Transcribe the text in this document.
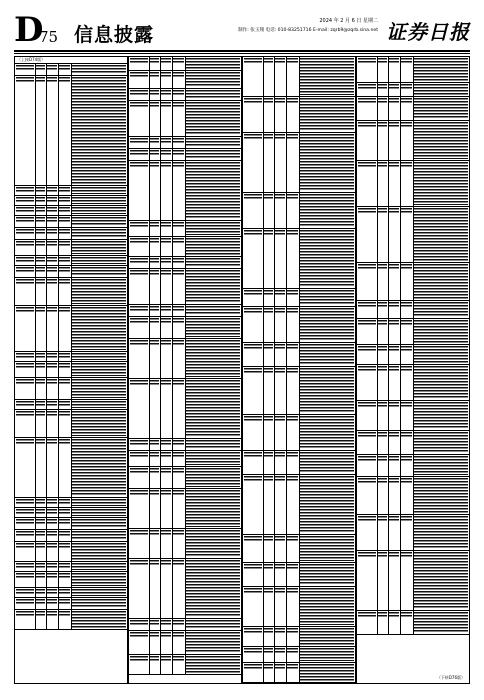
D
75 信息披露
2024 年 2 月 6 日 星期二
制作: 张玉翔 电话: 010-83251716 E-mail: zqrb9@zqrb.sina.net 证券日报
（上接D74版）
（下转D76版）
